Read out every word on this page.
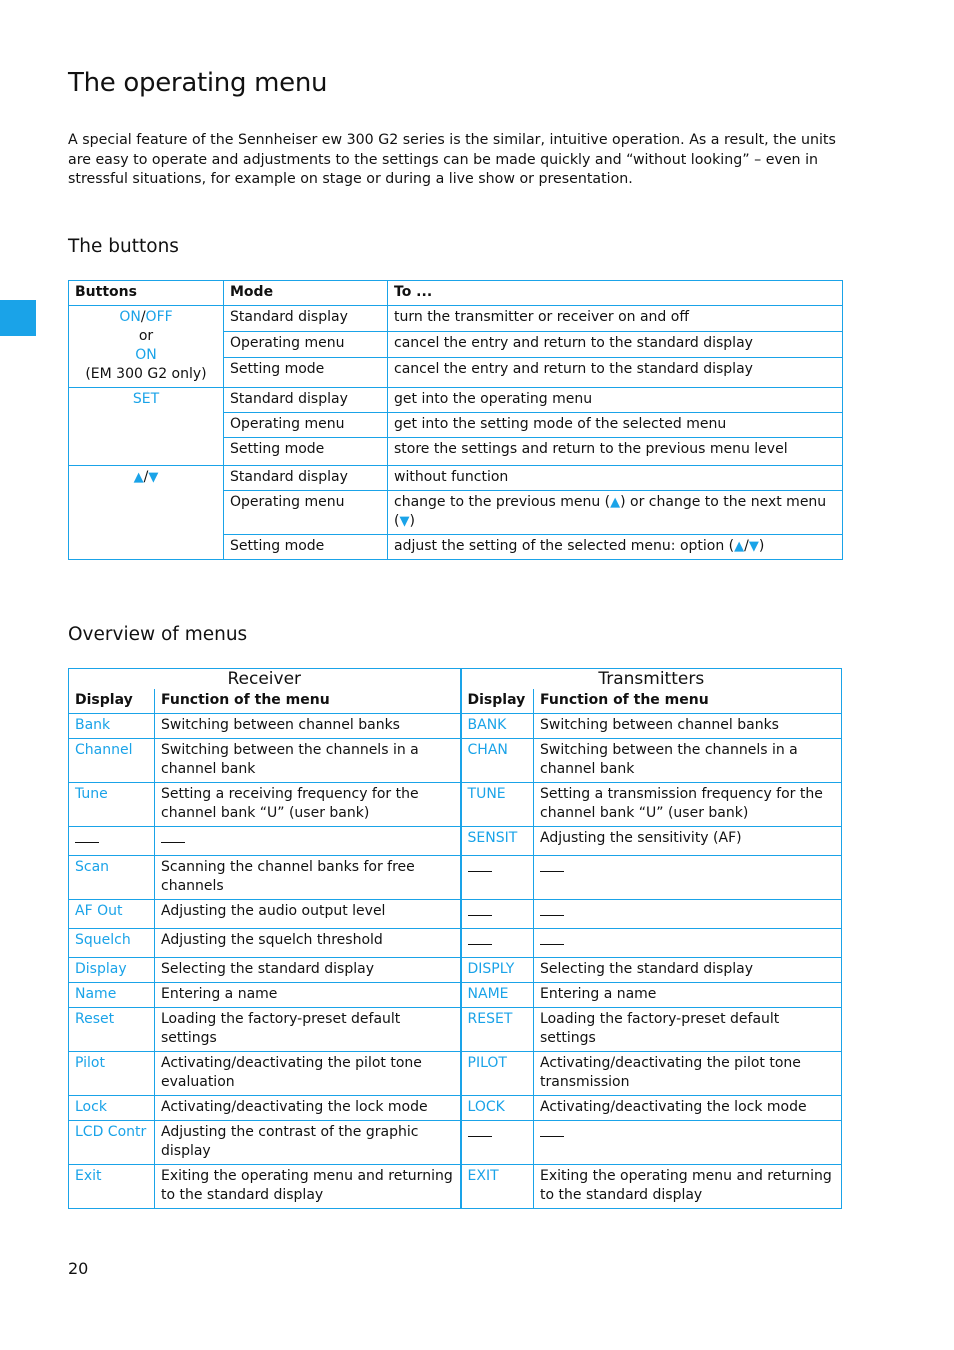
The operating menu

A special feature of the Sennheiser ew 300 G2 series is the similar, intuitive operation. As a result, the units are easy to operate and adjustments to the settings can be made quickly and “without looking” – even in stressful situations, for example on stage or during a live show or presentation.

The buttons
Buttons	Mode	To ...
ON/OFF
or
ON
(EM 300 G2 only)	Standard display	turn the transmitter or receiver on and off
	Operating menu	cancel the entry and return to the standard display
	Setting mode	cancel the entry and return to the standard display
SET	Standard display	get into the operating menu
	Operating menu	get into the setting mode of the selected menu
	Setting mode	store the settings and return to the previous menu level
▲/▼	Standard display	without function
	Operating menu	change to the previous menu (▲) or change to the next menu (▼)
	Setting mode	adjust the setting of the selected menu: option (▲/▼)
Overview of menus
Receiver		Transmitters	
Display	Function of the menu	Display	Function of the menu
Bank	Switching between channel banks	BANK	Switching between channel banks
Channel	Switching between the channels in a channel bank	CHAN	Switching between the channels in a channel bank
Tune	Setting a receiving frequency for the channel bank “U” (user bank)	TUNE	Setting a transmission frequency for the channel bank “U” (user bank)
		SENSIT	Adjusting the sensitivity (AF)
Scan	Scanning the channel banks for free channels		
AF Out	Adjusting the audio output level		
Squelch	Adjusting the squelch threshold		
Display	Selecting the standard display	DISPLY	Selecting the standard display
Name	Entering a name	NAME	Entering a name
Reset	Loading the factory-preset default settings	RESET	Loading the factory-preset default settings
Pilot	Activating/deactivating the pilot tone evaluation	PILOT	Activating/deactivating the pilot tone transmission
Lock	Activating/deactivating the lock mode	LOCK	Activating/deactivating the lock mode
LCD Contr	Adjusting the contrast of the graphic display		
Exit	Exiting the operating menu and returning to the standard display	EXIT	Exiting the operating menu and returning to the standard display
20
